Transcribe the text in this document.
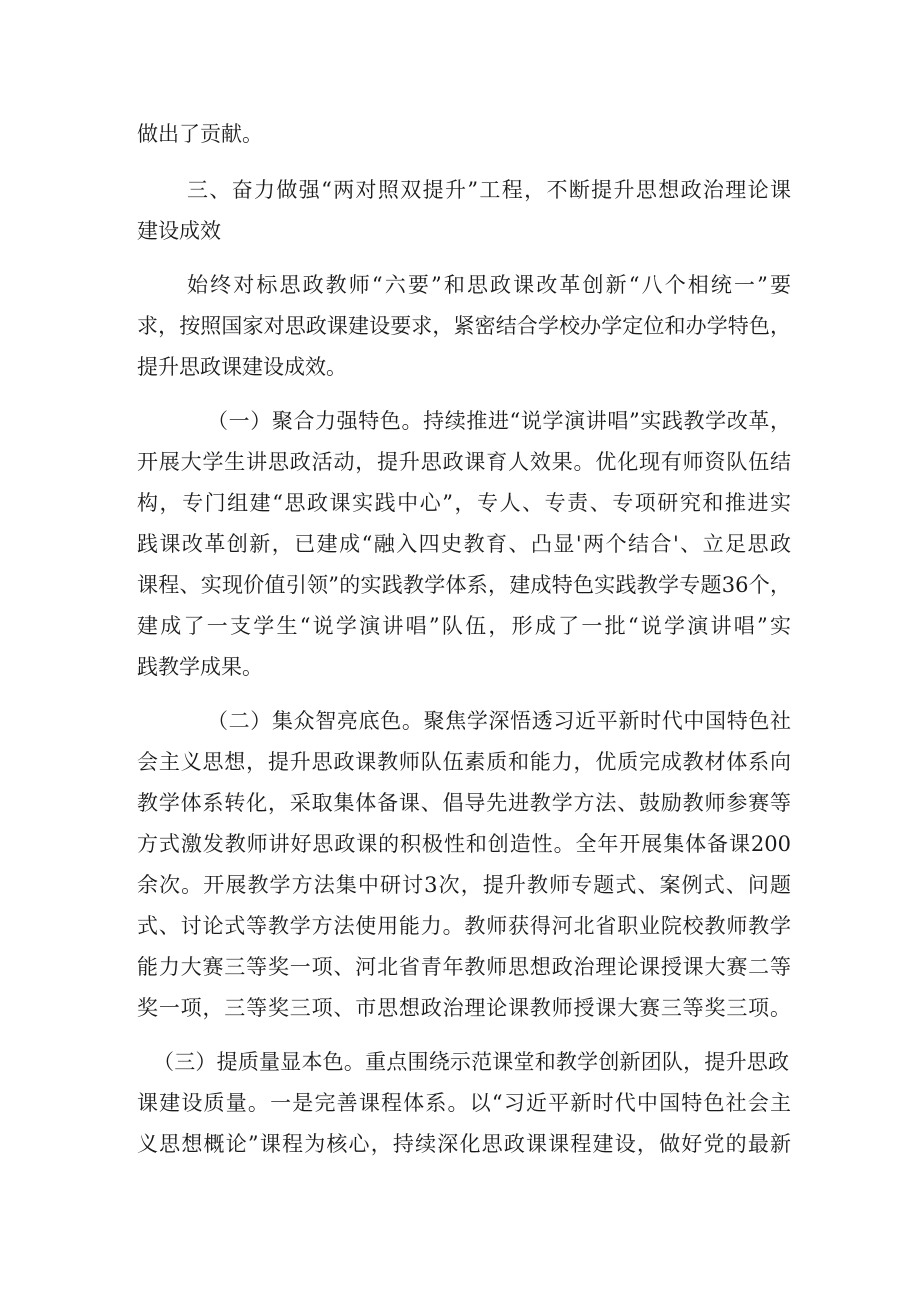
做出了贡献。
三、奋力做强“两对照双提升”工程，不断提升思想政治理论课
建设成效
始终对标思政教师“六要”和思政课改革创新“八个相统一”要
求，按照国家对思政课建设要求，紧密结合学校办学定位和办学特色，
提升思政课建设成效。
（一）聚合力强特色。持续推进“说学演讲唱”实践教学改革，
开展大学生讲思政活动，提升思政课育人效果。优化现有师资队伍结
构，专门组建“思政课实践中心”，专人、专责、专项研究和推进实
践课改革创新，已建成“融入四史教育、凸显'两个结合'、立足思政
课程、实现价值引领”的实践教学体系，建成特色实践教学专题36个，
建成了一支学生“说学演讲唱”队伍，形成了一批“说学演讲唱”实
践教学成果。
（二）集众智亮底色。聚焦学深悟透习近平新时代中国特色社
会主义思想，提升思政课教师队伍素质和能力，优质完成教材体系向
教学体系转化，采取集体备课、倡导先进教学方法、鼓励教师参赛等
方式激发教师讲好思政课的积极性和创造性。全年开展集体备课200
余次。开展教学方法集中研讨3次，提升教师专题式、案例式、问题
式、讨论式等教学方法使用能力。教师获得河北省职业院校教师教学
能力大赛三等奖一项、河北省青年教师思想政治理论课授课大赛二等
奖一项，三等奖三项、市思想政治理论课教师授课大赛三等奖三项。
（三）提质量显本色。重点围绕示范课堂和教学创新团队，提升思政
课建设质量。一是完善课程体系。以“习近平新时代中国特色社会主
义思想概论”课程为核心，持续深化思政课课程建设，做好党的最新
